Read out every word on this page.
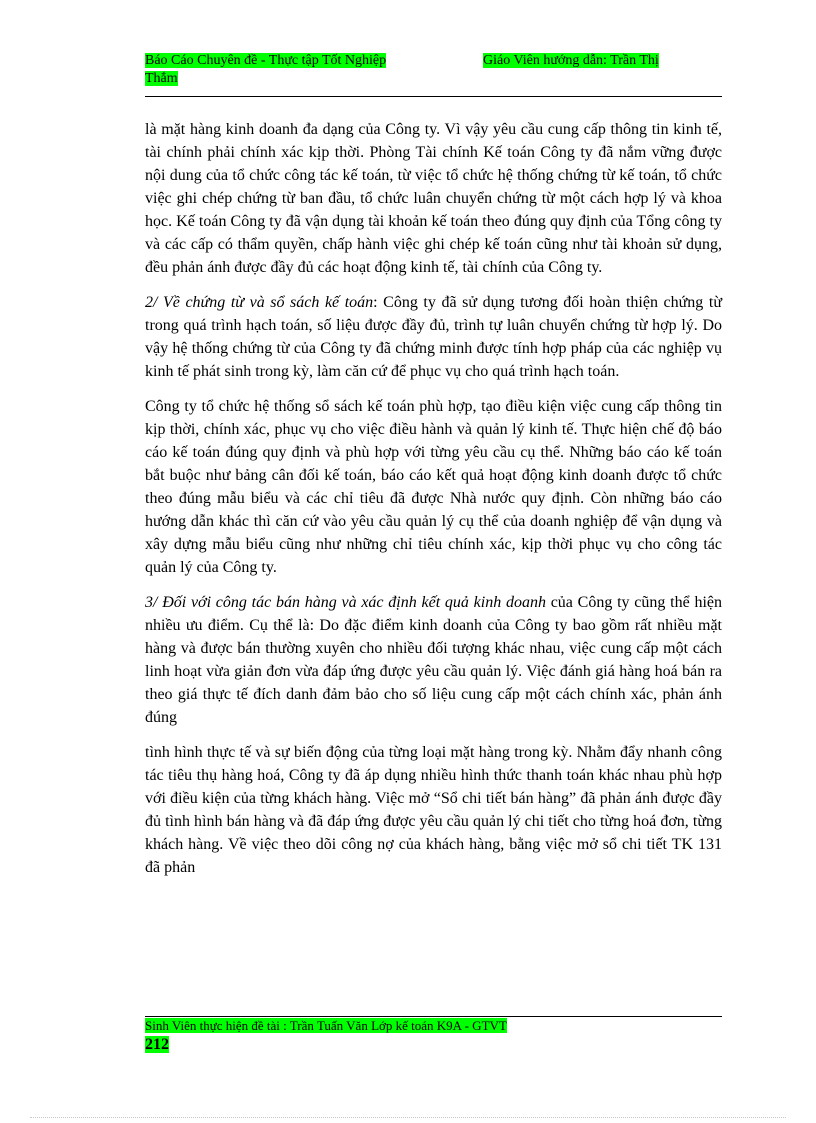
Báo Cáo Chuyên đề - Thực tập Tốt Nghiệp	Giáo Viên hướng dẫn: Trần Thị

Thắm

là mặt hàng kinh doanh đa dạng của Công ty. Vì vậy yêu cầu cung cấp thông tin kinh tế, tài chính phải chính xác kịp thời. Phòng Tài chính Kế toán Công ty đã nắm vững được nội dung của tổ chức công tác kế toán, từ việc tổ chức hệ thống chứng từ kế toán, tổ chức việc ghi chép chứng từ ban đầu, tổ chức luân chuyển chứng từ một cách hợp lý và khoa học. Kế toán Công ty đã vận dụng tài khoản kế toán theo đúng quy định của Tổng công ty và các cấp có thẩm quyền, chấp hành việc ghi chép kế toán cũng như tài khoản sử dụng, đều phản ánh được đầy đủ các hoạt động kinh tế, tài chính của Công ty.

2/ Về chứng từ và sổ sách kế toán: Công ty đã sử dụng tương đối hoàn thiện chứng từ trong quá trình hạch toán, số liệu được đầy đủ, trình tự luân chuyển chứng từ hợp lý. Do vậy hệ thống chứng từ của Công ty đã chứng minh được tính hợp pháp của các nghiệp vụ kinh tế phát sinh trong kỳ, làm căn cứ để phục vụ cho quá trình hạch toán.

Công ty tổ chức hệ thống sổ sách kế toán phù hợp, tạo điều kiện việc cung cấp thông tin kịp thời, chính xác, phục vụ cho việc điều hành và quản lý kinh tế. Thực hiện chế độ báo cáo kế toán đúng quy định và phù hợp với từng yêu cầu cụ thể. Những báo cáo kế toán bắt buộc như bảng cân đối kế toán, báo cáo kết quả hoạt động kinh doanh được tổ chức theo đúng mẫu biểu và các chỉ tiêu đã được Nhà nước quy định. Còn những báo cáo hướng dẫn khác thì căn cứ vào yêu cầu quản lý cụ thể của doanh nghiệp để vận dụng và xây dựng mẫu biểu cũng như những chỉ tiêu chính xác, kịp thời phục vụ cho công tác quản lý của Công ty.

3/ Đối với công tác bán hàng và xác định kết quả kinh doanh của Công ty cũng thể hiện nhiều ưu điểm. Cụ thể là: Do đặc điểm kinh doanh của Công ty bao gồm rất nhiều mặt hàng và được bán thường xuyên cho nhiều đối tượng khác nhau, việc cung cấp một cách linh hoạt vừa giản đơn vừa đáp ứng được yêu cầu quản lý. Việc đánh giá hàng hoá bán ra theo giá thực tế đích danh đảm bảo cho số liệu cung cấp một cách chính xác, phản ánh đúng

tình hình thực tế và sự biến động của từng loại mặt hàng trong kỳ. Nhằm đẩy nhanh công tác tiêu thụ hàng hoá, Công ty đã áp dụng nhiều hình thức thanh toán khác nhau phù hợp với điều kiện của từng khách hàng. Việc mở “Sổ chi tiết bán hàng” đã phản ánh được đầy đủ tình hình bán hàng và đã đáp ứng được yêu cầu quản lý chi tiết cho từng hoá đơn, từng khách hàng. Về việc theo dõi công nợ của khách hàng, bằng việc mở sổ chi tiết TK 131 đã phản

Sinh Viên thực hiện đề tài : Trần Tuấn Văn Lớp kế toán K9A - GTVT
212
